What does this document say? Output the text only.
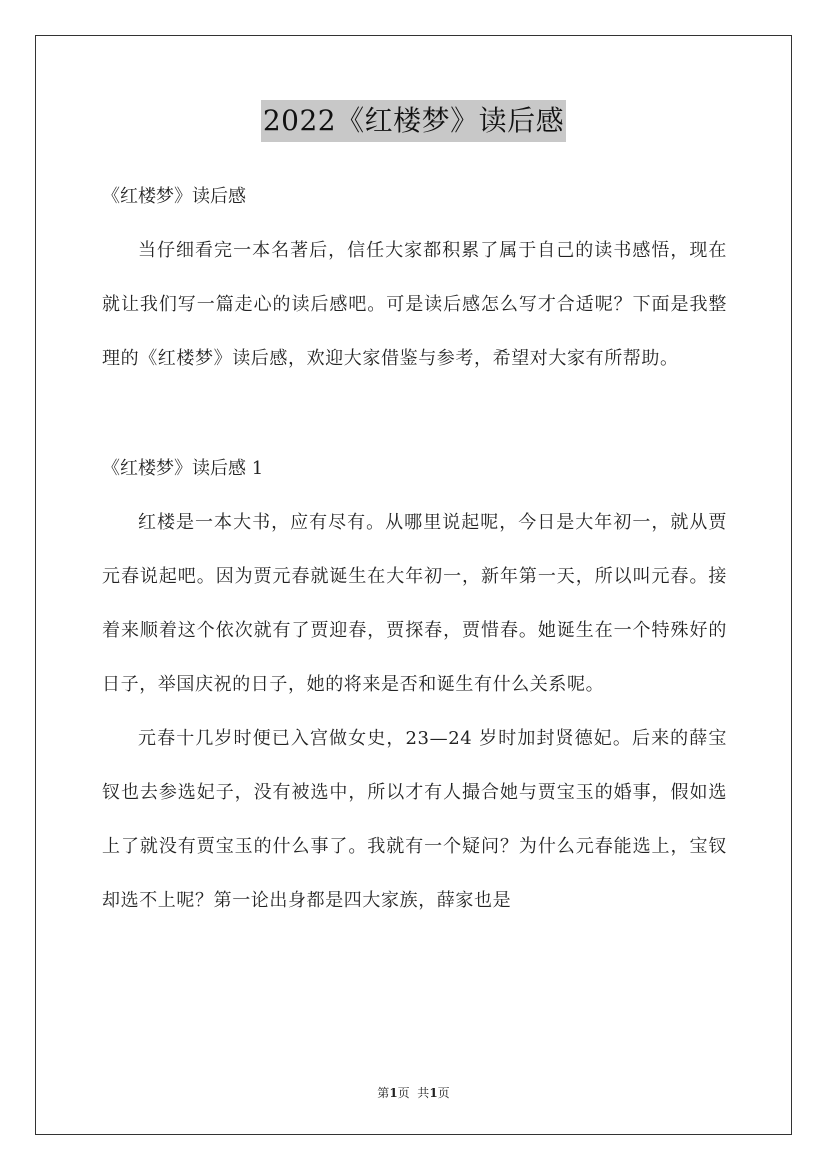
2022《红楼梦》读后感

《红楼梦》读后感

当仔细看完一本名著后，信任大家都积累了属于自己的读书感悟，现在就让我们写一篇走心的读后感吧。可是读后感怎么写才合适呢？下面是我整理的《红楼梦》读后感，欢迎大家借鉴与参考，希望对大家有所帮助。

《红楼梦》读后感 1

红楼是一本大书，应有尽有。从哪里说起呢，今日是大年初一，就从贾元春说起吧。因为贾元春就诞生在大年初一，新年第一天，所以叫元春。接着来顺着这个依次就有了贾迎春，贾探春，贾惜春。她诞生在一个特殊好的日子，举国庆祝的日子，她的将来是否和诞生有什么关系呢。

元春十几岁时便已入宫做女史，23—24 岁时加封贤德妃。后来的薛宝钗也去参选妃子，没有被选中，所以才有人撮合她与贾宝玉的婚事，假如选上了就没有贾宝玉的什么事了。我就有一个疑问？为什么元春能选上，宝钗却选不上呢？第一论出身都是四大家族，薛家也是

第1页  共1页
